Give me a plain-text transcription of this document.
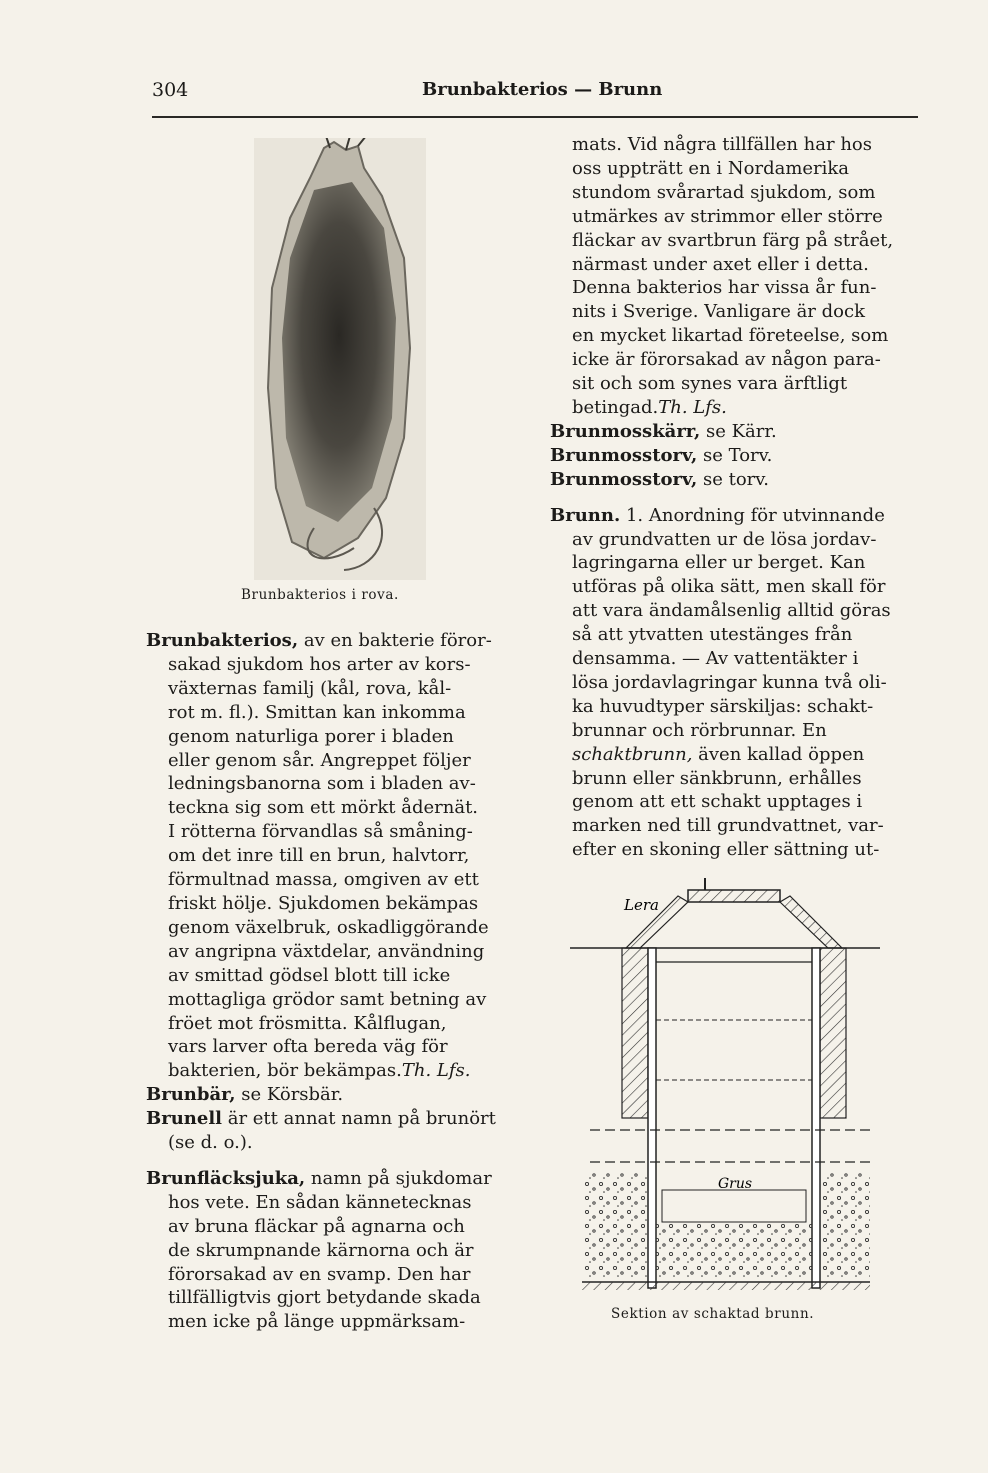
304	Brunbakterios — Brunn
Brunbakterios i rova.
Brunbakterios, av en bakterie föror-
sakad sjukdom hos arter av kors-
växternas familj (kål, rova, kål-
rot m. fl.). Smittan kan inkomma
genom naturliga porer i bladen
eller genom sår. Angreppet följer
ledningsbanorna som i bladen av-
teckna sig som ett mörkt ådernät.
I rötterna förvandlas så småning-
om det inre till en brun, halvtorr,
förmultnad massa, omgiven av ett
friskt hölje. Sjukdomen bekämpas
genom växelbruk, oskadliggörande
av angripna växtdelar, användning
av smittad gödsel blott till icke
mottagliga grödor samt betning av
fröet mot frösmitta. Kålflugan,
vars larver ofta bereda väg för
bakterien, bör bekämpas.Th. Lfs.
Brunbär, se Körsbär.
Brunell är ett annat namn på brunört
(se d. o.).
Brunfläcksjuka, namn på sjukdomar
hos vete. En sådan kännetecknas
av bruna fläckar på agnarna och
de skrumpnande kärnorna och är
förorsakad av en svamp. Den har
tillfälligtvis gjort betydande skada
men icke på länge uppmärksam-
mats. Vid några tillfällen har hos
oss uppträtt en i Nordamerika
stundom svårartad sjukdom, som
utmärkes av strimmor eller större
fläckar av svartbrun färg på strået,
närmast under axet eller i detta.
Denna bakterios har vissa år fun-
nits i Sverige. Vanligare är dock
en mycket likartad företeelse, som
icke är förorsakad av någon para-
sit och som synes vara ärftligt
betingad.Th. Lfs.
Brunmosskärr, se Kärr.
Brunmosstorv, se Torv.
Brunmosstorv, se torv.
Brunn. 1. Anordning för utvinnande
av grundvatten ur de lösa jordav-
lagringarna eller ur berget. Kan
utföras på olika sätt, men skall för
att vara ändamålsenlig alltid göras
så att ytvatten utestänges från
densamma. — Av vattentäkter i
lösa jordavlagringar kunna två oli-
ka huvudtyper särskiljas: schakt-
brunnar och rörbrunnar. En
schaktbrunn, även kallad öppen
brunn eller sänkbrunn, erhålles
genom att ett schakt upptages i
marken ned till grundvattnet, var-
efter en skoning eller sättning ut-
Lera
Grus
Sektion av schaktad brunn.
